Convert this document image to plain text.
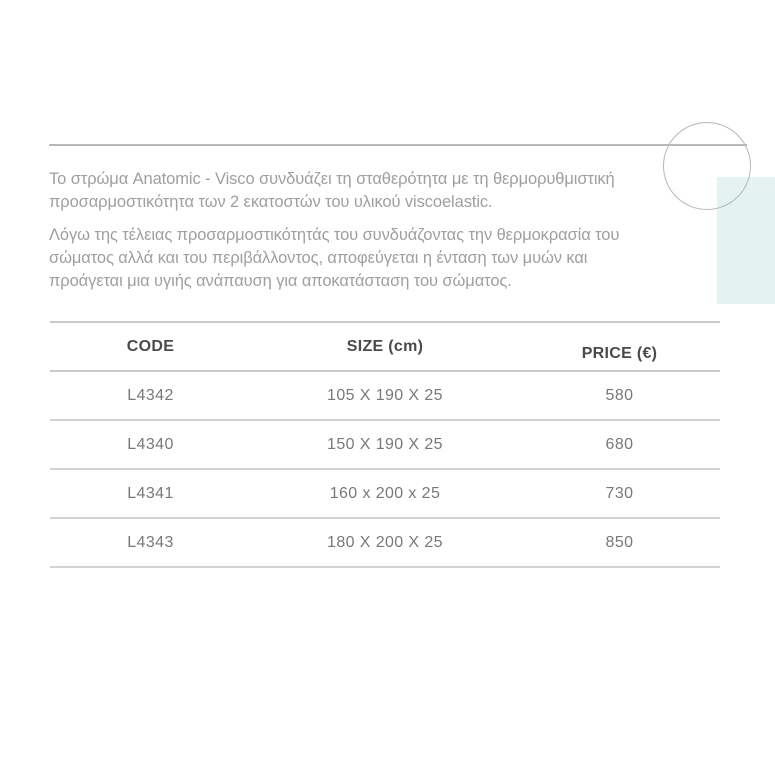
Το στρώμα Anatomic - Visco συνδυάζει τη σταθερότητα με τη θερμορυθμιστική προσαρμοστικότητα των 2 εκατοστών του υλικού viscoelastic.

Λόγω της τέλειας προσαρμοστικότητάς του συνδυάζοντας την θερμοκρασία του σώματος αλλά και του περιβάλλοντος, αποφεύγεται η ένταση των μυών και προάγεται μια υγιής ανάπαυση για αποκατάσταση του σώματος.

CODE	SIZE (cm)	PRICE (€)
L4342	105 X 190 X 25	580
L4340	150 X 190 X 25	680
L4341	160 x 200 x 25	730
L4343	180 X 200 X 25	850
